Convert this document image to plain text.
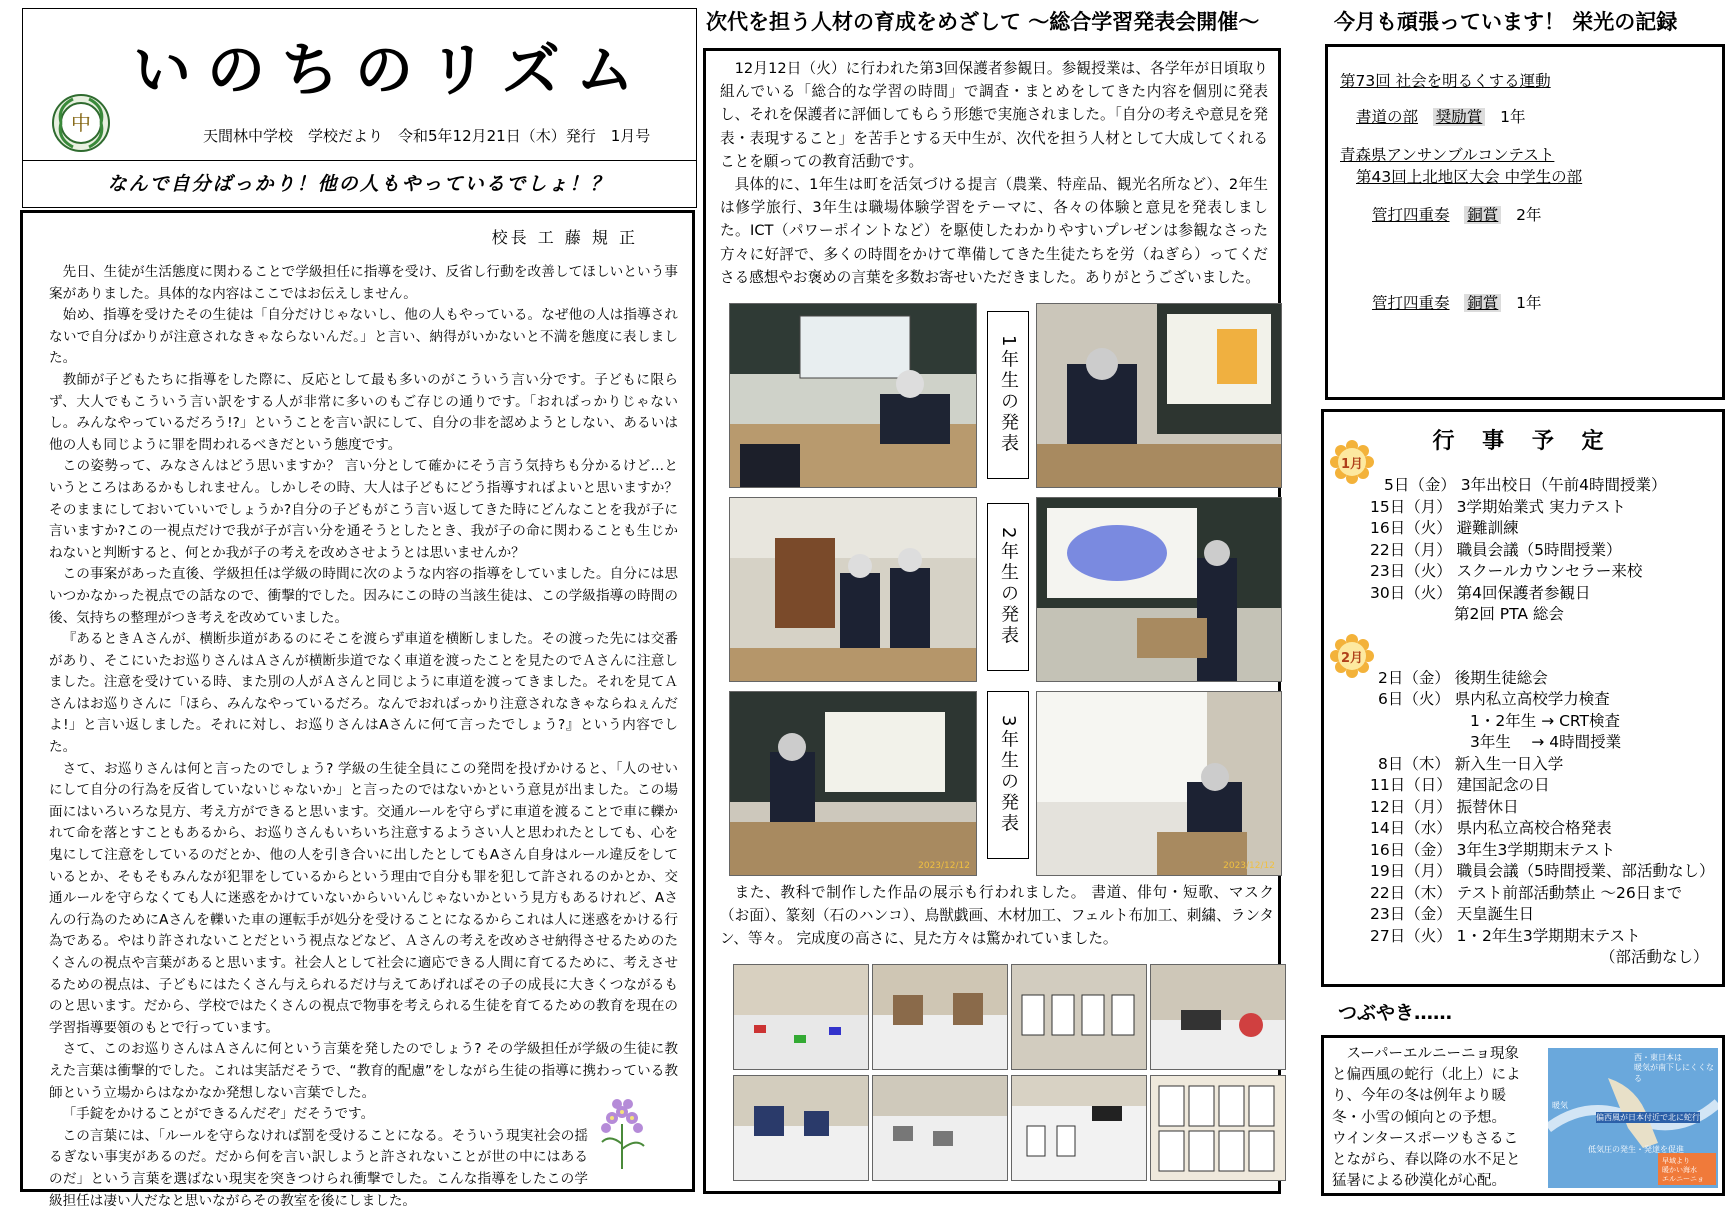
いのちのリズム
中
天間林中学校　学校だより　令和5年12月21日（木）発行　1月号
なんで自分ばっかり！他の人もやっているでしょ！？
校長 工 藤 規 正

先日、生徒が生活態度に関わることで学級担任に指導を受け、反省し行動を改善してほしいという事案がありました。具体的な内容はここではお伝えしません。

始め、指導を受けたその生徒は「自分だけじゃないし、他の人もやっている。なぜ他の人は指導されないで自分ばかりが注意されなきゃならないんだ。」と言い、納得がいかないと不満を態度に表しました。

教師が子どもたちに指導をした際に、反応として最も多いのがこういう言い分です。子どもに限らず、大人でもこういう言い訳をする人が非常に多いのもご存じの通りです。「おればっかりじゃないし。みんなやっているだろう!?」ということを言い訳にして、自分の非を認めようとしない、あるいは他の人も同じように罪を問われるべきだという態度です。

この姿勢って、みなさんはどう思いますか？ 言い分として確かにそう言う気持ちも分かるけど…というところはあるかもしれません。しかしその時、大人は子どもにどう指導すればよいと思いますか？ そのままにしておいていいでしょうか?自分の子どもがこう言い返してきた時にどんなことを我が子に言いますか?この一視点だけで我が子が言い分を通そうとしたとき、我が子の命に関わることも生じかねないと判断すると、何とか我が子の考えを改めさせようとは思いませんか？

この事案があった直後、学級担任は学級の時間に次のような内容の指導をしていました。自分には思いつかなかった視点での話なので、衝撃的でした。因みにこの時の当該生徒は、この学級指導の時間の後、気持ちの整理がつき考えを改めていました。

『あるときＡさんが、横断歩道があるのにそこを渡らず車道を横断しました。その渡った先には交番があり、そこにいたお巡りさんはＡさんが横断歩道でなく車道を渡ったことを見たのでＡさんに注意しました。注意を受けている時、また別の人がＡさんと同じように車道を渡ってきました。それを見てＡさんはお巡りさんに「ほら、みんなやっているだろ。なんでおればっかり注意されなきゃならねぇんだよ!」と言い返しました。それに対し、お巡りさんはAさんに何て言ったでしょう?』という内容でした。

さて、お巡りさんは何と言ったのでしょう? 学級の生徒全員にこの発問を投げかけると、「人のせいにして自分の行為を反省していないじゃないか」と言ったのではないかという意見が出ました。この場面にはいろいろな見方、考え方ができると思います。交通ルールを守らずに車道を渡ることで車に轢かれて命を落とすこともあるから、お巡りさんもいちいち注意するようさい人と思われたとしても、心を鬼にして注意をしているのだとか、他の人を引き合いに出したとしてもAさん自身はルール違反をしているとか、そもそもみんなが犯罪をしているからという理由で自分も罪を犯して許されるのかとか、交通ルールを守らなくても人に迷惑をかけていないからいいんじゃないかという見方もあるけれど、Aさんの行為のためにAさんを轢いた車の運転手が処分を受けることになるからこれは人に迷惑をかける行為である。やはり許されないことだという視点などなど、Ａさんの考えを改めさせ納得させるためのたくさんの視点や言葉があると思います。社会人として社会に適応できる人間に育てるために、考えさせるための視点は、子どもにはたくさん与えられるだけ与えてあげればその子の成長に大きくつながるものと思います。だから、学校ではたくさんの視点で物事を考えられる生徒を育てるための教育を現在の学習指導要領のもとで行っています。

さて、このお巡りさんはＡさんに何という言葉を発したのでしょう? その学級担任が学級の生徒に教えた言葉は衝撃的でした。これは実話だそうで、“教育的配慮”をしながら生徒の指導に携わっている教師という立場からはなかなか発想しない言葉でした。

「手錠をかけることができるんだぞ」だそうです。

この言葉には、「ルールを守らなければ罰を受けることになる。そういう現実社会の揺るぎない事実があるのだ。だから何を言い訳しようと許されないことが世の中にはあるのだ」という言葉を選ばない現実を突きつけられ衝撃でした。こんな指導をしたこの学級担任は凄い人だなと思いながらその教室を後にしました。

次代を担う人材の育成をめざして ～総合学習発表会開催～

12月12日（火）に行われた第3回保護者参観日。参観授業は、各学年が日頃取り組んでいる「総合的な学習の時間」で調査・まとめをしてきた内容を個別に発表し、それを保護者に評価してもらう形態で実施されました。「自分の考えや意見を発表・表現すること」を苦手とする天中生が、次代を担う人材として大成してくれることを願っての教育活動です。

具体的に、1年生は町を活気づける提言（農業、特産品、観光名所など）、2年生は修学旅行、3年生は職場体験学習をテーマに、各々の体験と意見を発表しました。ICT（パワーポイントなど）を駆使したわかりやすいプレゼンは参観なさった方々に好評で、多くの時間をかけて準備してきた生徒たちを労（ねぎら）ってくださる感想やお褒めの言葉を多数お寄せいただきました。ありがとうございました。

1年生の発表
2年生の発表
2023/12/12
3年生の発表
2023/12/12

また、教科で制作した作品の展示も行われました。 書道、俳句・短歌、マスク（お面）、篆刻（石のハンコ）、鳥獣戯画、木材加工、フェルト布加工、刺繍、ランタン、等々。 完成度の高さに、見た方々は驚かれていました。

今月も頑張っています！ 栄光の記録
第73回 社会を明るくする運動
書道の部 奨励賞 1年
青森県アンサンブルコンテスト
第43回上北地区大会 中学生の部
管打四重奏 銅賞 2年
管打四重奏 銅賞 1年
行 事 予 定
1月
5日（金） 3年出校日（午前4時間授業）
15日（月） 3学期始業式 実力テスト
16日（火） 避難訓練
22日（月） 職員会議（5時間授業）
23日（火） スクールカウンセラー来校
30日（火） 第4回保護者参観日
第2回 PTA 総会
2月
2日（金） 後期生徒総会
6日（火） 県内私立高校学力検査
1・2年生 → CRT検査
3年生 　→ 4時間授業
8日（木） 新入生一日入学
11日（日） 建国記念の日
12日（月） 振替休日
14日（水） 県内私立高校合格発表
16日（金） 3年生3学期期末テスト
19日（月） 職員会議（5時間授業、部活動なし）
22日（木） テスト前部活動禁止 ～26日まで
23日（金） 天皇誕生日
27日（火） 1・2年生3学期期末テスト
（部活動なし）
つぶやき……

スーパーエルニーニョ現象と偏西風の蛇行（北上）により、今年の冬は例年より暖冬・小雪の傾向との予想。 ウインタースポーツもさることながら、春以降の水不足と猛暑による砂漠化が心配。

西・東日本は
暖気が南下しにくくなる
暖気
偏西風が日本付近で北に蛇行
低気圧の発生・発達を促進
早域より
暖かい海水
エルニーニョ
